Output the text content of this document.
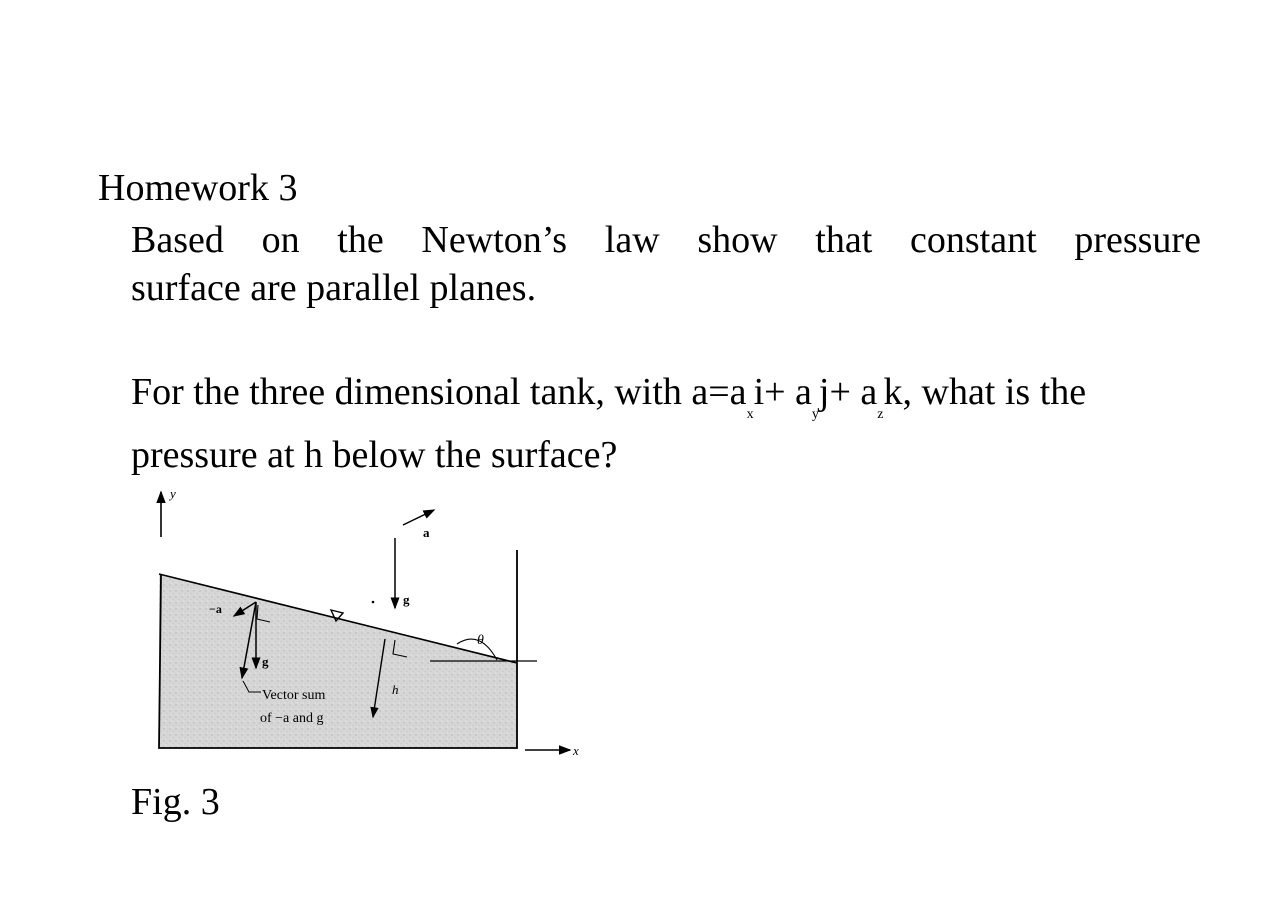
Homework 3
Based on the Newton’s law show that constant pressure
surface are parallel planes.
For the three dimensional tank, with $a=a_xi+ a_yj+ a_zk$, what is the
pressure at h below the surface?
y
x
θ
a
g
h
−a
g
Vector sum
of −a and g
Fig. 3
